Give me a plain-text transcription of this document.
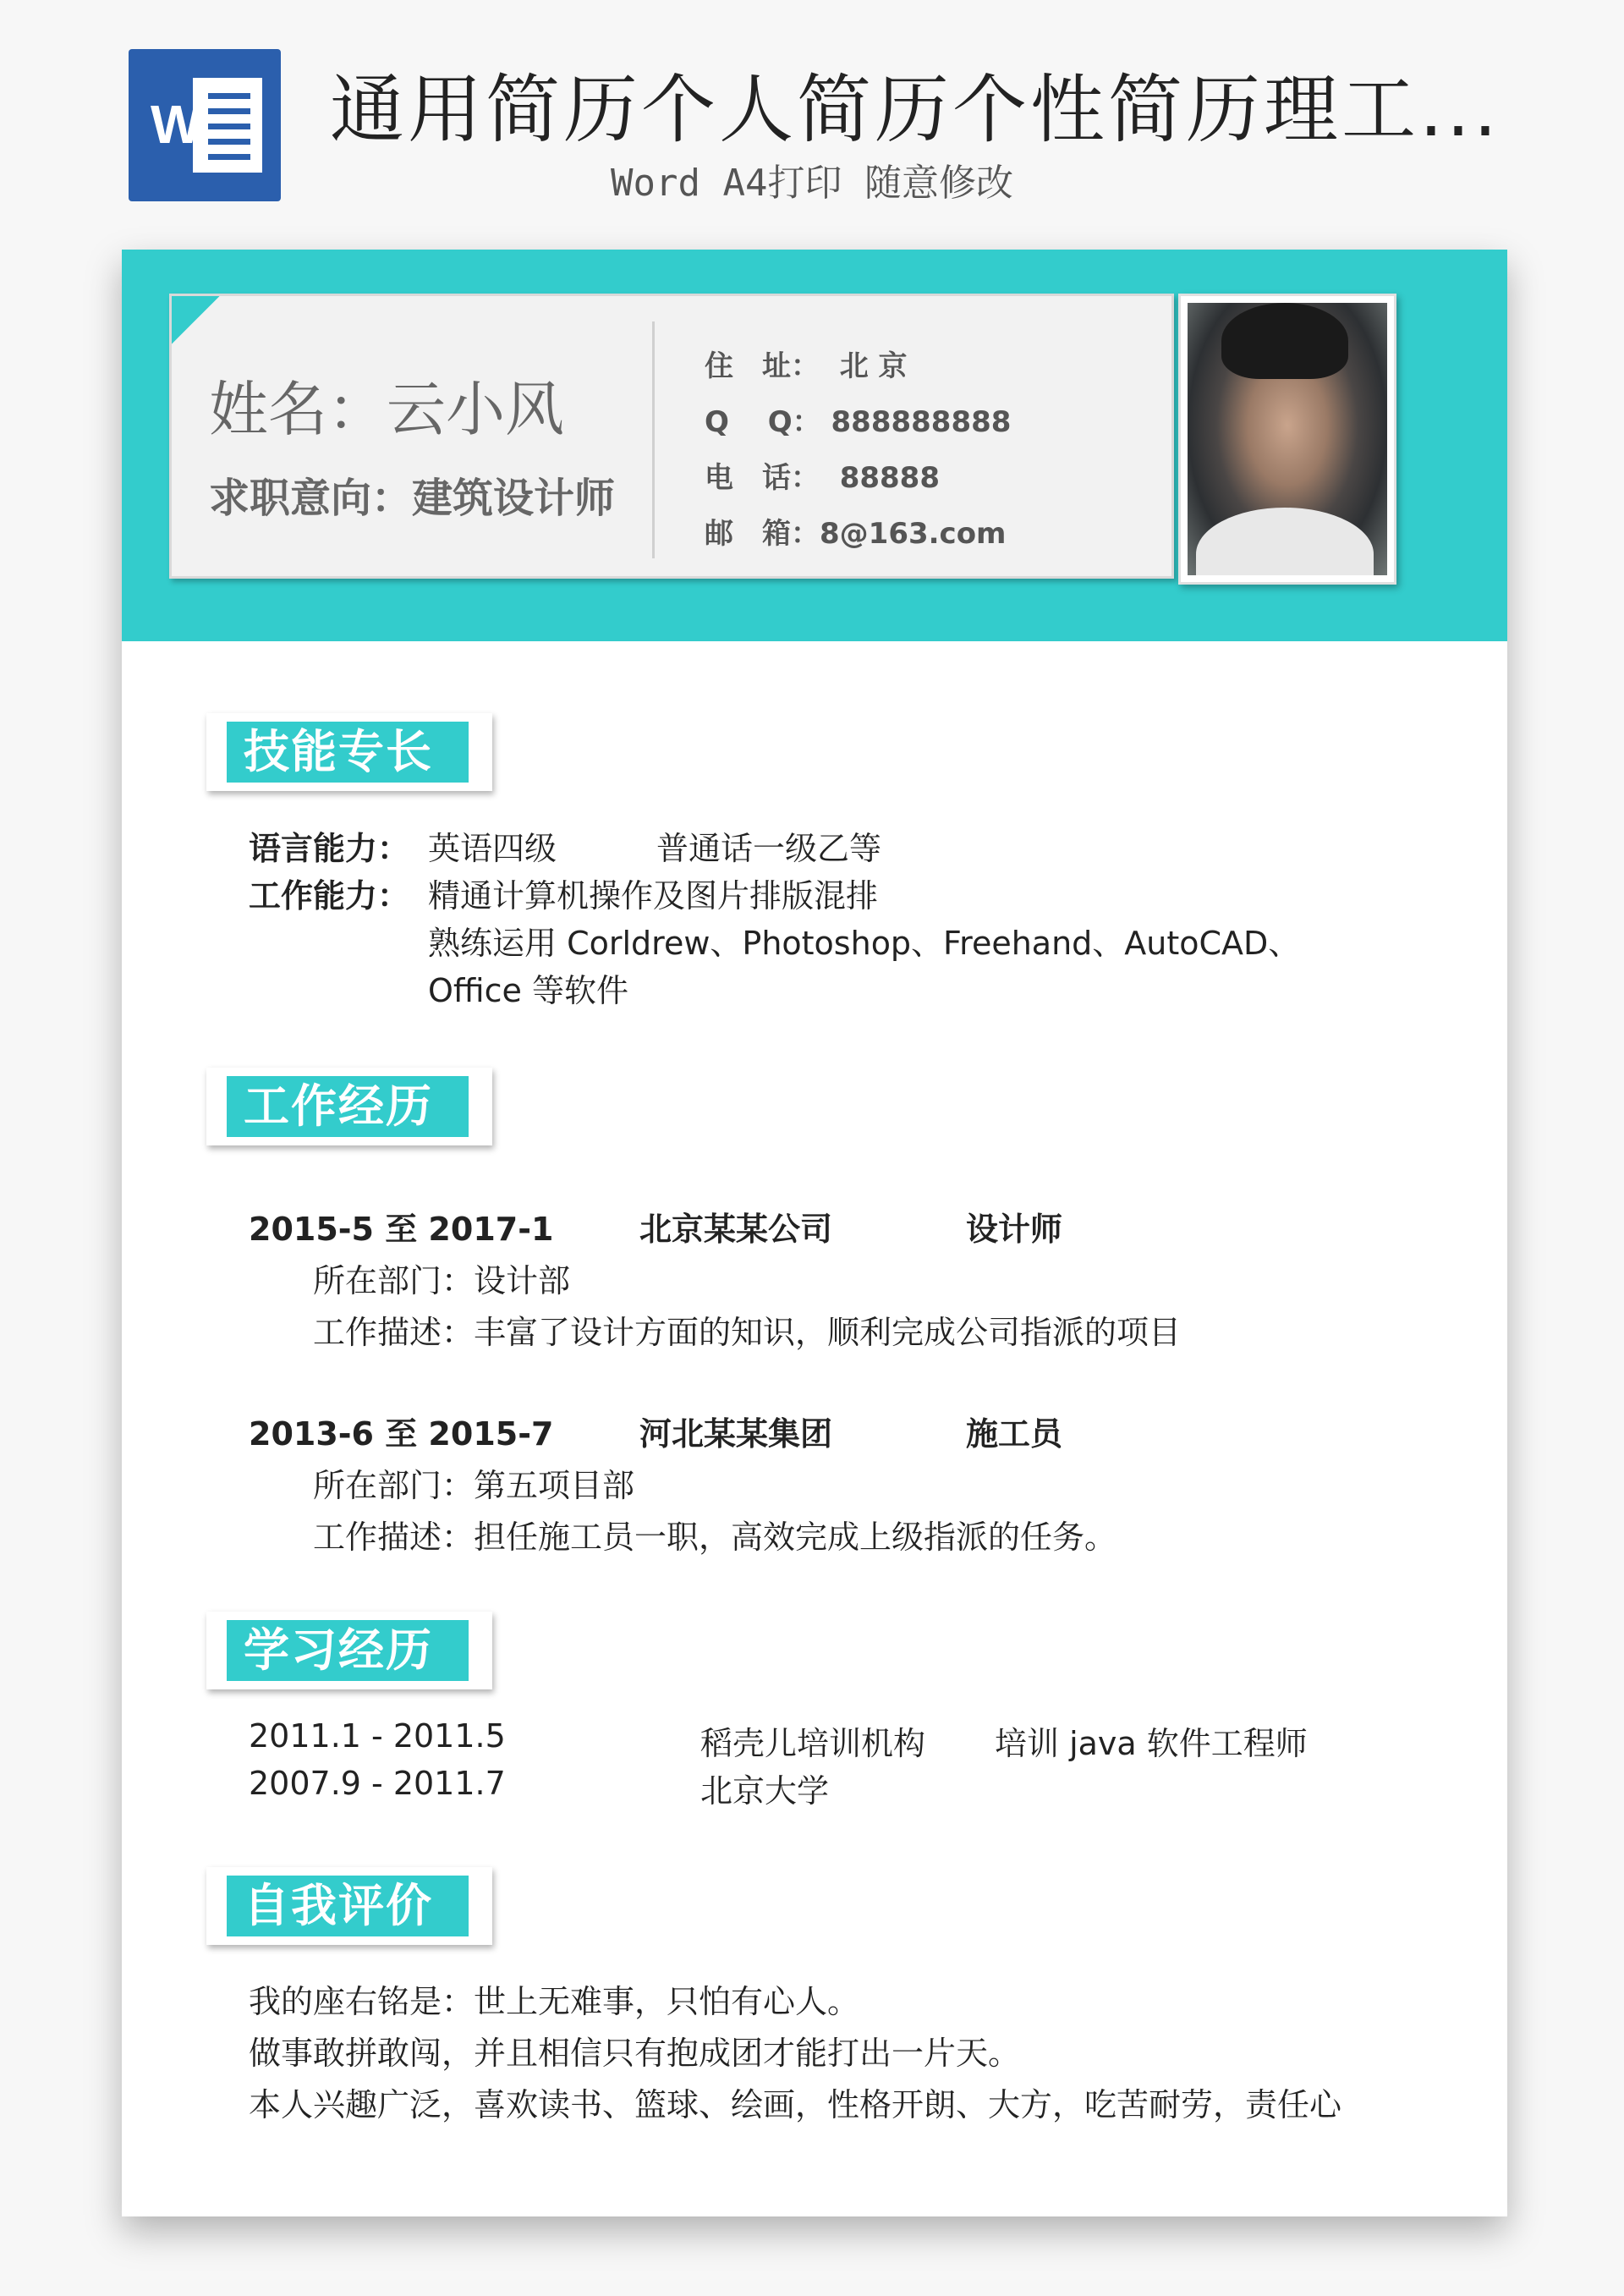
W 通用简历个人简历个性简历理工...
Word A4打印 随意修改
姓名：云小风
求职意向：建筑设计师
住　址： 北 京
Q　 Q： 888888888
电　话： 88888
邮　箱：8@163.com
技能专长
语言能力： 英语四级	普通话一级乙等
工作能力： 精通计算机操作及图片排版混排
熟练运用 Corldrew、Photoshop、Freehand、AutoCAD、
Office 等软件
工作经历
2015-5 至 2017-1	北京某某公司	设计师
所在部门：设计部
工作描述：丰富了设计方面的知识，顺利完成公司指派的项目
2013-6 至 2015-7	河北某某集团	施工员
所在部门：第五项目部
工作描述：担任施工员一职，高效完成上级指派的任务。
学习经历
2011.1 - 2011.5	稻壳儿培训机构 培训 java 软件工程师
2007.9 - 2011.7	北京大学
自我评价
我的座右铭是：世上无难事，只怕有心人。
做事敢拼敢闯，并且相信只有抱成团才能打出一片天。
本人兴趣广泛，喜欢读书、篮球、绘画，性格开朗、大方，吃苦耐劳，责任心
